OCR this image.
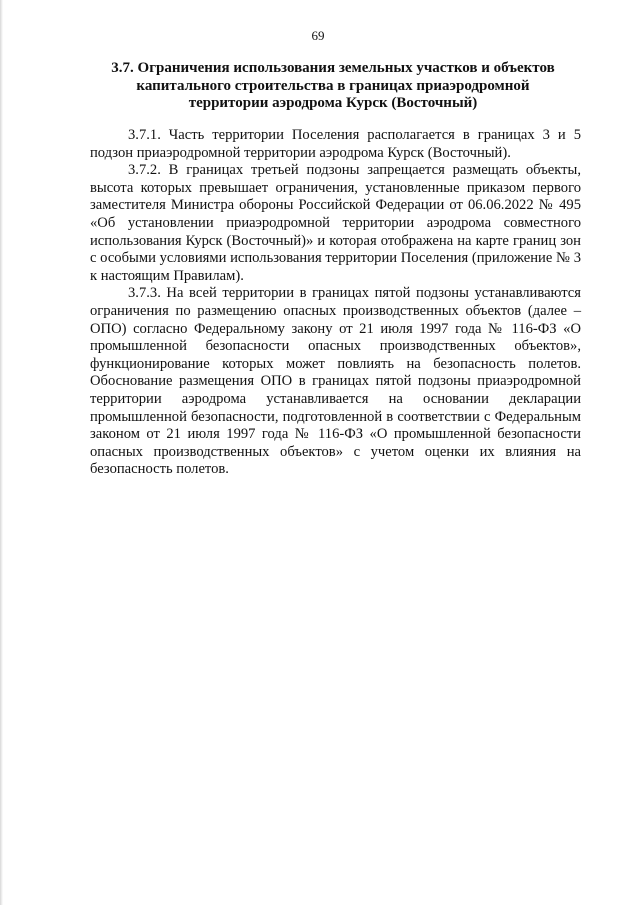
69
3.7. Ограничения использования земельных участков и объектов капитального строительства в границах приаэродромной территории аэродрома Курск (Восточный)

3.7.1. Часть территории Поселения располагается в границах 3 и 5 подзон приаэродромной территории аэродрома Курск (Восточный).

3.7.2. В границах третьей подзоны запрещается размещать объекты, высота которых превышает ограничения, установленные приказом первого заместителя Министра обороны Российской Федерации от 06.06.2022 № 495 «Об установлении приаэродромной территории аэродрома совместного использования Курск (Восточный)» и которая отображена на карте границ зон с особыми условиями использования территории Поселения (приложение № 3 к настоящим Правилам).

3.7.3. На всей территории в границах пятой подзоны устанавливаются ограничения по размещению опасных производственных объектов (далее – ОПО) согласно Федеральному закону от 21 июля 1997 года № 116-ФЗ «О промышленной безопасности опасных производственных объектов», функционирование которых может повлиять на безопасность полетов. Обоснование размещения ОПО в границах пятой подзоны приаэродромной территории аэродрома устанавливается на основании декларации промышленной безопасности, подготовленной в соответствии с Федеральным законом от 21 июля 1997 года № 116-ФЗ «О промышленной безопасности опасных производственных объектов» с учетом оценки их влияния на безопасность полетов.
